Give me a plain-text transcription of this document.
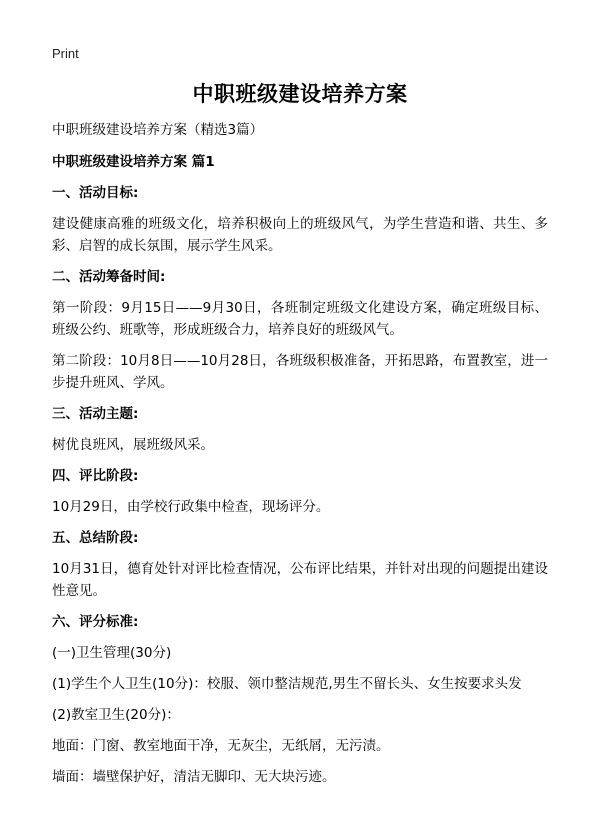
Print
中职班级建设培养方案

中职班级建设培养方案（精选3篇）

中职班级建设培养方案 篇1

一、活动目标:

建设健康高雅的班级文化，培养积极向上的班级风气，为学生营造和谐、共生、多彩、启智的成长氛围，展示学生风采。

二、活动筹备时间:

第一阶段：9月15日——9月30日，各班制定班级文化建设方案，确定班级目标、班级公约、班歌等，形成班级合力，培养良好的班级风气。

第二阶段：10月8日——10月28日，各班级积极准备，开拓思路，布置教室，进一步提升班风、学风。

三、活动主题:

树优良班风，展班级风采。

四、评比阶段:

10月29日，由学校行政集中检查，现场评分。

五、总结阶段:

10月31日，德育处针对评比检查情况，公布评比结果，并针对出现的问题提出建设性意见。

六、评分标准:

(一)卫生管理(30分)

(1)学生个人卫生(10分)：校服、领巾整洁规范,男生不留长头、女生按要求头发

(2)教室卫生(20分)：

地面：门窗、教室地面干净，无灰尘，无纸屑，无污渍。

墙面：墙壁保护好，清洁无脚印、无大块污迹。
